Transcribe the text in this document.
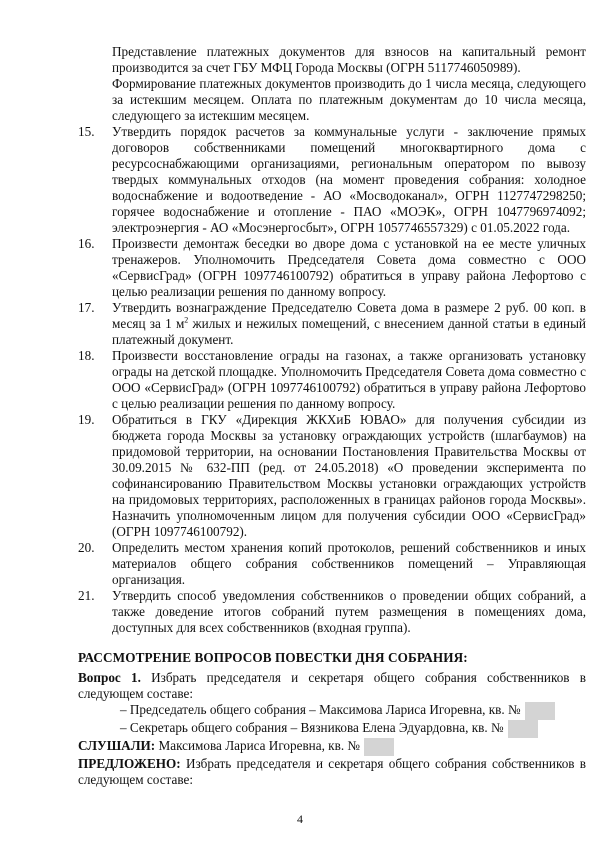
Представление платежных документов для взносов на капитальный ремонт производится за счет ГБУ МФЦ Города Москвы (ОГРН 5117746050989).

Формирование платежных документов производить до 1 числа месяца, следующего за истекшим месяцем. Оплата по платежным документам до 10 числа месяца, следующего за истекшим месяцем.

15.	Утвердить порядок расчетов за коммунальные услуги - заключение прямых договоров собственниками помещений многоквартирного дома с ресурсоснабжающими организациями, региональным оператором по вывозу твердых коммунальных отходов (на момент проведения собрания: холодное водоснабжение и водоотведение - АО «Мосводоканал», ОГРН 1127747298250; горячее водоснабжение и отопление - ПАО «МОЭК», ОГРН 1047796974092; электроэнергия - АО «Мосэнергосбыт», ОГРН 1057746557329) с 01.05.2022 года.
16.	Произвести демонтаж беседки во дворе дома с установкой на ее месте уличных тренажеров. Уполномочить Председателя Совета дома совместно с ООО «СервисГрад» (ОГРН 1097746100792) обратиться в управу района Лефортово с целью реализации решения по данному вопросу.
17.	Утвердить вознаграждение Председателю Совета дома в размере 2 руб. 00 коп. в месяц за 1 $м^2$ жилых и нежилых помещений, с внесением данной статьи в единый платежный документ.
18.	Произвести восстановление ограды на газонах, а также организовать установку ограды на детской площадке. Уполномочить Председателя Совета дома совместно с ООО «СервисГрад» (ОГРН 1097746100792) обратиться в управу района Лефортово с целью реализации решения по данному вопросу.
19.	Обратиться в ГКУ «Дирекция ЖКХиБ ЮВАО» для получения субсидии из бюджета города Москвы за установку ограждающих устройств (шлагбаумов) на придомовой территории, на основании Постановления Правительства Москвы от 30.09.2015 № 632-ПП (ред. от 24.05.2018) «О проведении эксперимента по софинансированию Правительством Москвы установки ограждающих устройств на придомовых территориях, расположенных в границах районов города Москвы». Назначить уполномоченным лицом для получения субсидии ООО «СервисГрад» (ОГРН 1097746100792).
20.	Определить местом хранения копий протоколов, решений собственников и иных материалов общего собрания собственников помещений – Управляющая организация.
21.	Утвердить способ уведомления собственников о проведении общих собраний, а также доведение итогов собраний путем размещения в помещениях дома, доступных для всех собственников (входная группа).

РАССМОТРЕНИЕ ВОПРОСОВ ПОВЕСТКИ ДНЯ СОБРАНИЯ:

Вопрос 1. Избрать председателя и секретаря общего собрания собственников в следующем составе:

– Председатель общего собрания – Максимова Лариса Игоревна, кв. №

– Секретарь общего собрания – Вязникова Елена Эдуардовна, кв. №

СЛУШАЛИ: Максимова Лариса Игоревна, кв. №

ПРЕДЛОЖЕНО: Избрать председателя и секретаря общего собрания собственников в следующем составе:

4
